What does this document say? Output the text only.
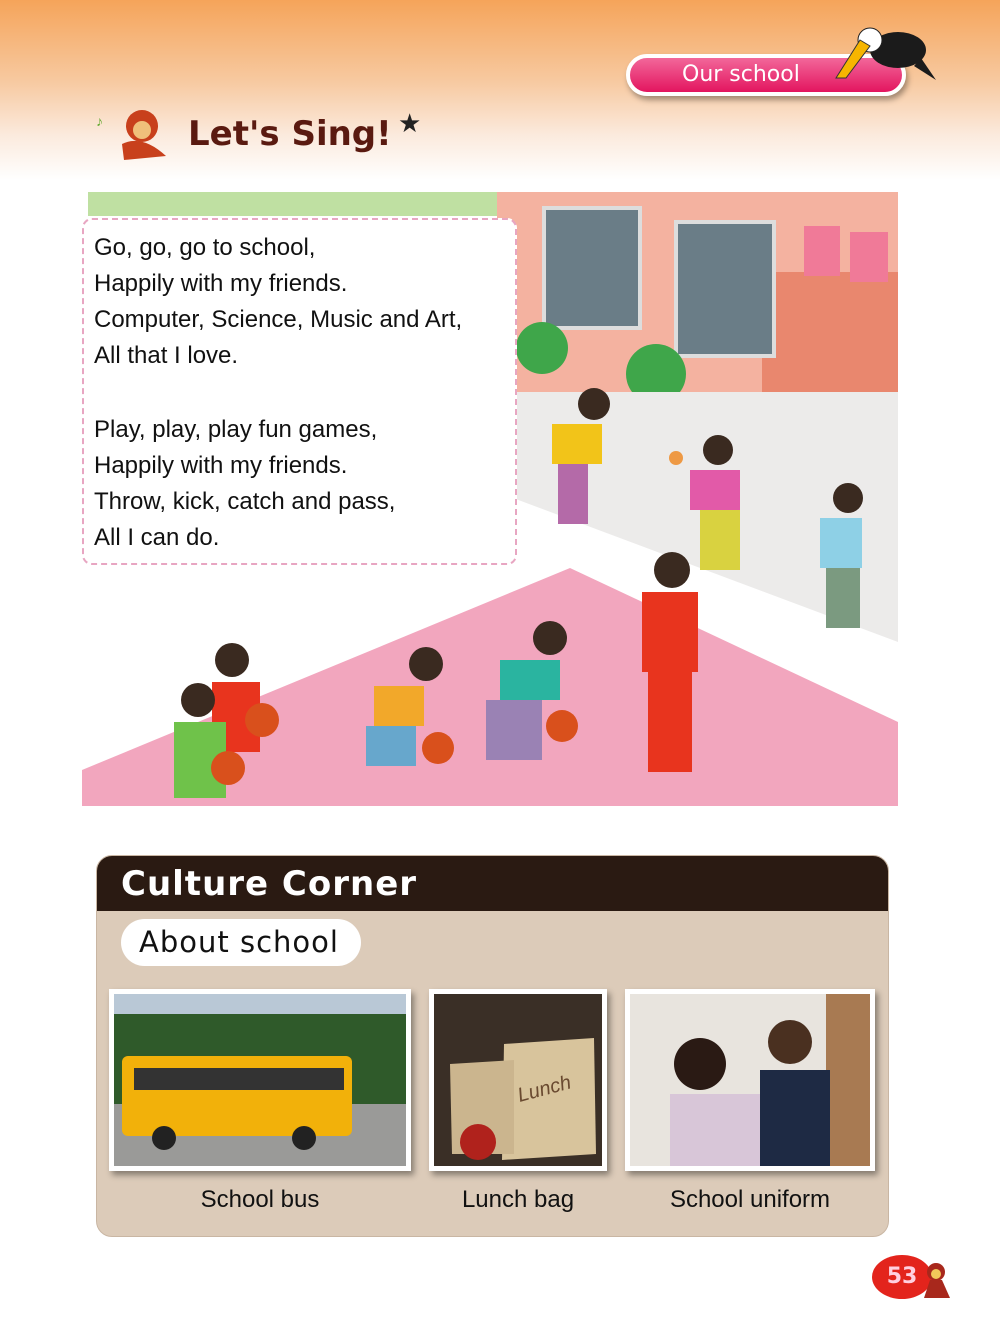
Our school
♪	Let's Sing! ★
Go, go, go to school,
Happily with my friends.
Computer, Science, Music and Art,
All that I love.
Play, play, play fun games,
Happily with my friends.
Throw, kick, catch and pass,
All I can do.
Culture Corner
About school
Lunch
School bus	Lunch bag	School uniform
53
